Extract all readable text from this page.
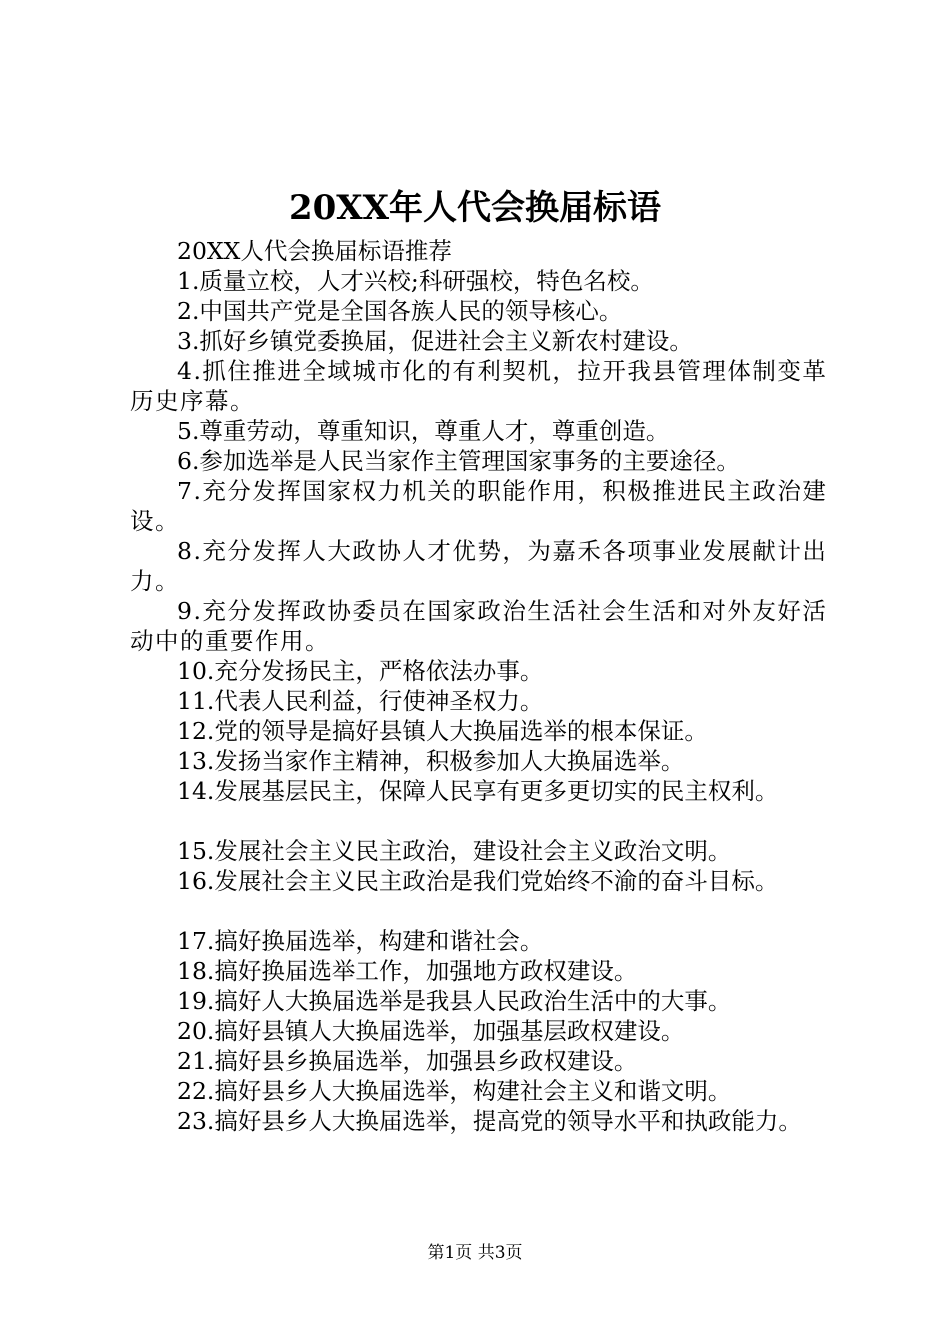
20XX年人代会换届标语

20XX人代会换届标语推荐

1.质量立校，人才兴校;科研强校，特色名校。

2.中国共产党是全国各族人民的领导核心。

3.抓好乡镇党委换届，促进社会主义新农村建设。

4.抓住推进全域城市化的有利契机，拉开我县管理体制变革历史序幕。

5.尊重劳动，尊重知识，尊重人才，尊重创造。

6.参加选举是人民当家作主管理国家事务的主要途径。

7.充分发挥国家权力机关的职能作用，积极推进民主政治建设。

8.充分发挥人大政协人才优势，为嘉禾各项事业发展献计出力。

9.充分发挥政协委员在国家政治生活社会生活和对外友好活动中的重要作用。

10.充分发扬民主，严格依法办事。

11.代表人民利益，行使神圣权力。

12.党的领导是搞好县镇人大换届选举的根本保证。

13.发扬当家作主精神，积极参加人大换届选举。

14.发展基层民主，保障人民享有更多更切实的民主权利。

15.发展社会主义民主政治，建设社会主义政治文明。

16.发展社会主义民主政治是我们党始终不渝的奋斗目标。

17.搞好换届选举，构建和谐社会。

18.搞好换届选举工作，加强地方政权建设。

19.搞好人大换届选举是我县人民政治生活中的大事。

20.搞好县镇人大换届选举，加强基层政权建设。

21.搞好县乡换届选举，加强县乡政权建设。

22.搞好县乡人大换届选举，构建社会主义和谐文明。

23.搞好县乡人大换届选举，提高党的领导水平和执政能力。

第1页 共3页
